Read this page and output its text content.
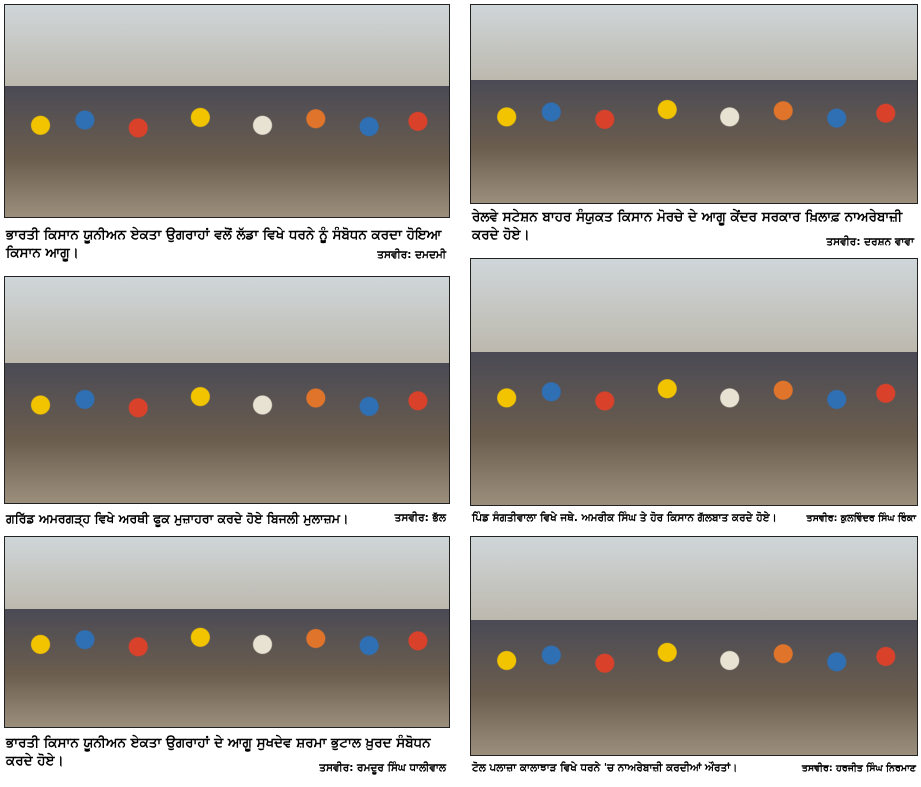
ਭਾਰਤੀ ਕਿਸਾਨ ਯੂਨੀਅਨ ਏਕਤਾ ਉਗਰਾਹਾਂ ਵਲੋਂ ਲੱਡਾ ਵਿਖੇ ਧਰਨੇ ਨੂੰ ਸੰਬੋਧਨ ਕਰਦਾ ਹੋਇਆ ਕਿਸਾਨ ਆਗੂ।	ਤਸਵੀਰ: ਦਮਦਮੀ
ਰੇਲਵੇ ਸਟੇਸ਼ਨ ਬਾਹਰ ਸੰਯੁਕਤ ਕਿਸਾਨ ਮੋਰਚੇ ਦੇ ਆਗੂ ਕੇਂਦਰ ਸਰਕਾਰ ਖ਼ਿਲਾਫ਼ ਨਾਅਰੇਬਾਜ਼ੀ ਕਰਦੇ ਹੋਏ।	ਤਸਵੀਰ: ਦਰਸ਼ਨ ਵਾਵਾ
ਗਰਿੱਡ ਅਮਰਗੜ੍ਹ ਵਿਖੇ ਅਰਥੀ ਫੂਕ ਮੁਜ਼ਾਹਰਾ ਕਰਦੇ ਹੋਏ ਬਿਜਲੀ ਮੁਲਾਜ਼ਮ।	ਤਸਵੀਰ: ਭੱਲ ਪਿੰਡ ਸੰਗਤੀਵਾਲਾ ਵਿਖੇ ਜਥੇ. ਅਮਰੀਕ ਸਿੰਘ ਤੇ ਹੋਰ ਕਿਸਾਨ ਗੱਲਬਾਤ ਕਰਦੇ ਹੋਏ।	ਤਸਵੀਰ: ਕੁਲਵਿੰਦਰ ਸਿੰਘ ਰਿੰਕਾ
ਭਾਰਤੀ ਕਿਸਾਨ ਯੂਨੀਅਨ ਏਕਤਾ ਉਗਰਾਹਾਂ ਦੇ ਆਗੂ ਸੁਖਦੇਵ ਸ਼ਰਮਾ ਭੁਟਾਲ ਖ਼ੁਰਦ ਸੰਬੋਧਨ ਕਰਦੇ ਹੋਏ।	ਤਸਵੀਰ: ਰਮਦੂਰ ਸਿੰਘ ਧਾਲੀਵਾਲ ਟੋਲ ਪਲਾਜ਼ਾ ਕਾਲਾਝਾੜ ਵਿਖੇ ਧਰਨੇ 'ਚ ਨਾਅਰੇਬਾਜ਼ੀ ਕਰਦੀਆਂ ਔਰਤਾਂ।	ਤਸਵੀਰ: ਹਰਜੀਤ ਸਿੰਘ ਨਿਰਮਾਣ
